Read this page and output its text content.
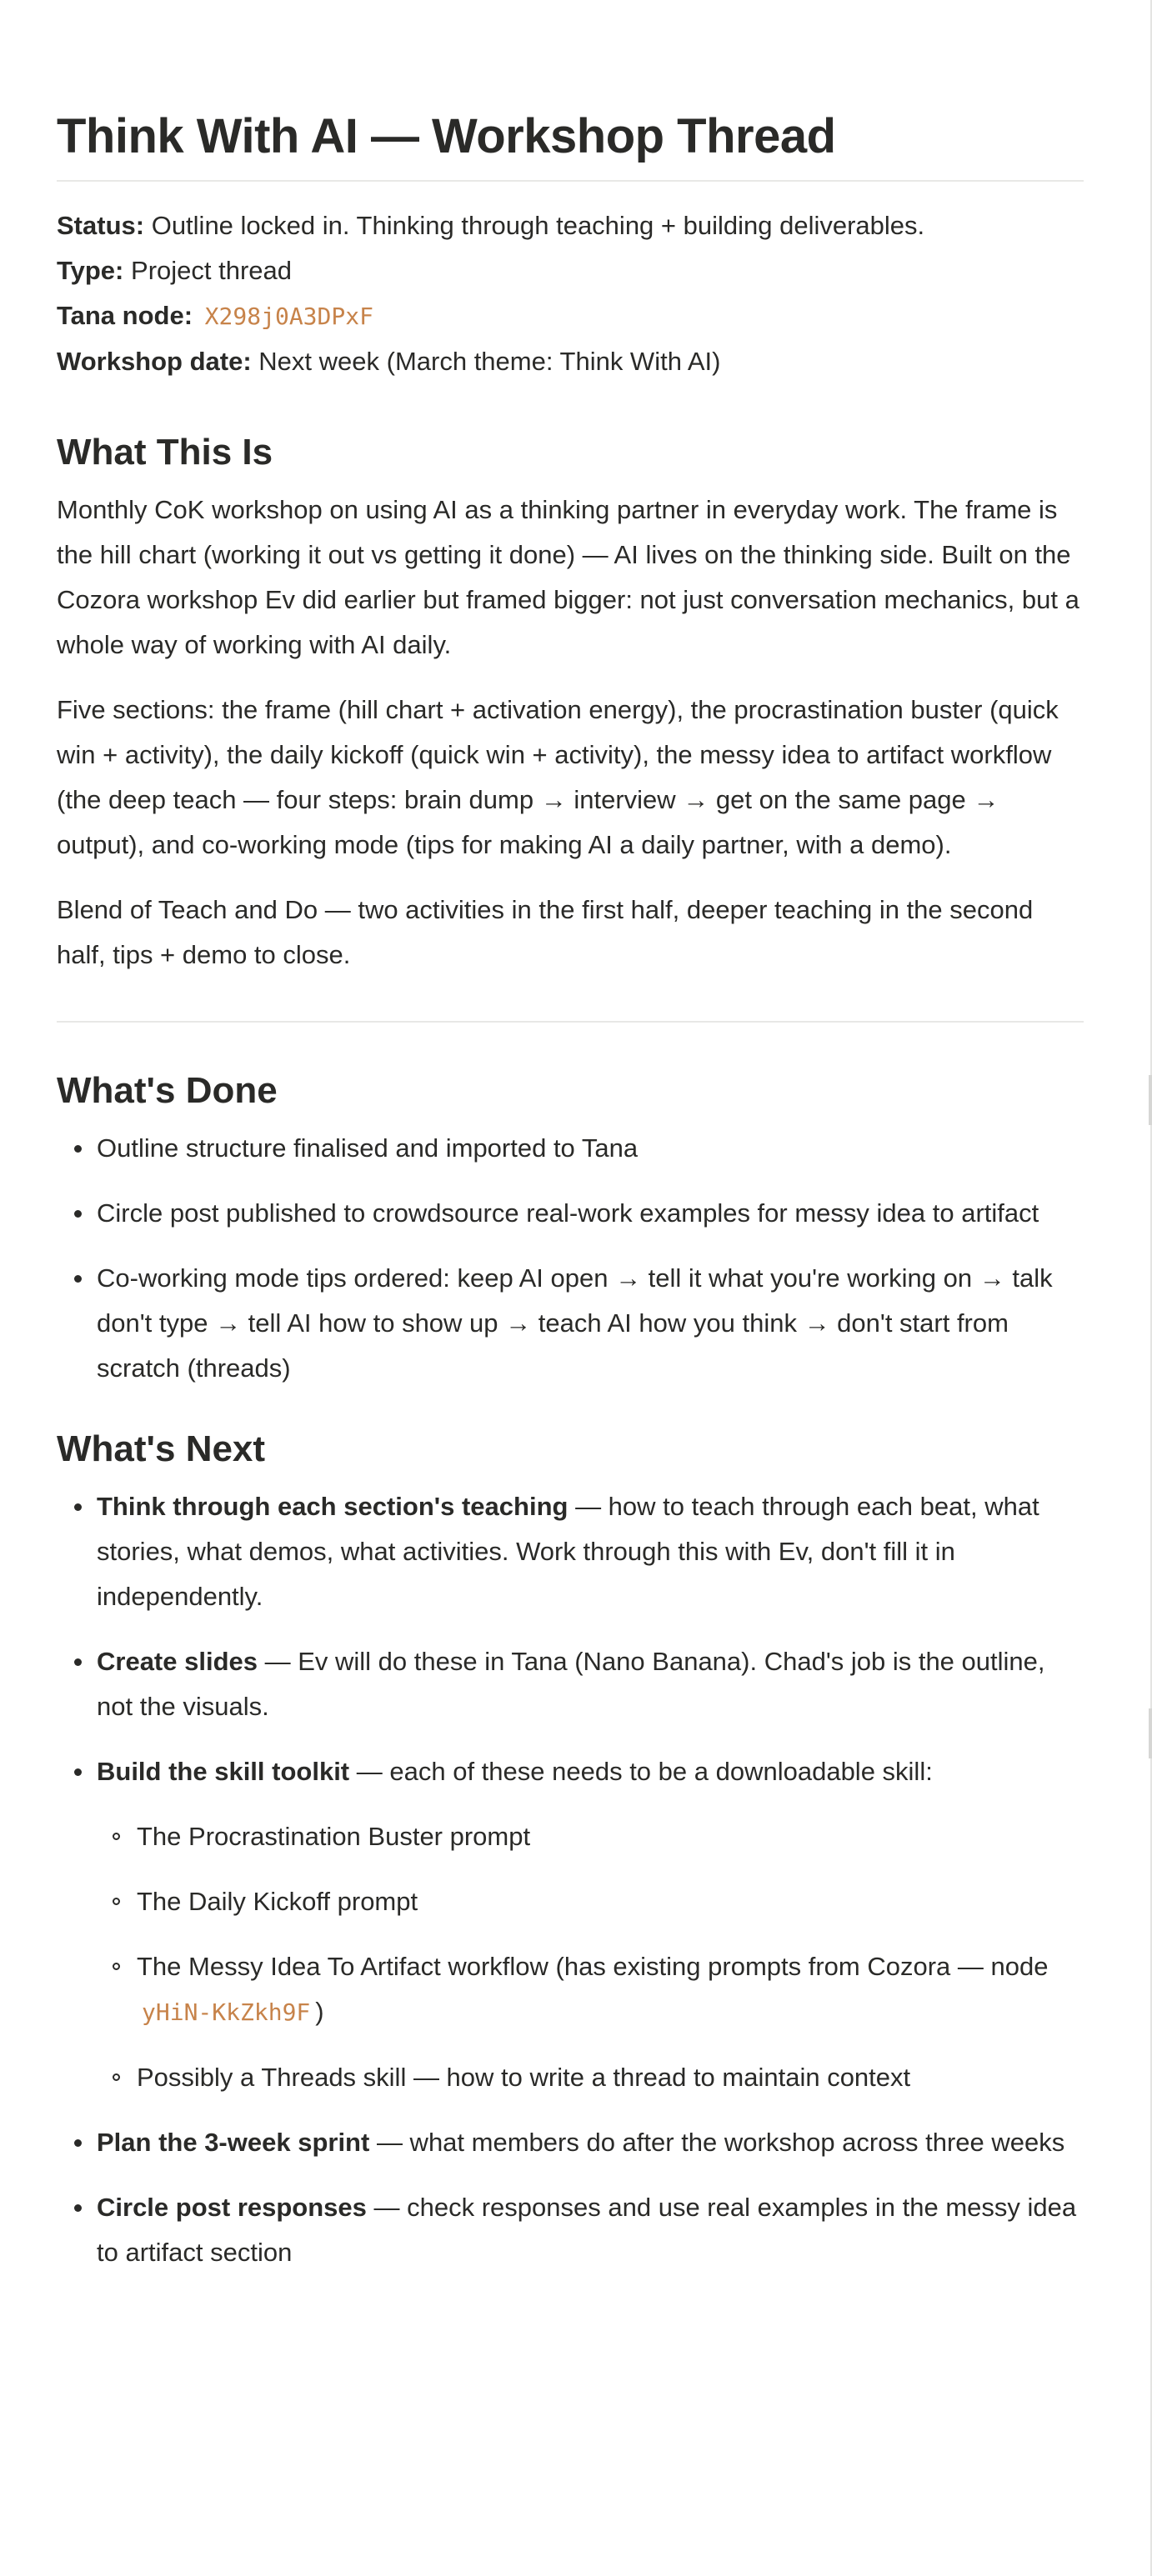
Think With AI — Workshop Thread
Status: Outline locked in. Thinking through teaching + building deliverables.
Type: Project thread
Tana node: X298j0A3DPxF
Workshop date: Next week (March theme: Think With AI)
What This Is

Monthly CoK workshop on using AI as a thinking partner in everyday work. The frame is the hill chart (working it out vs getting it done) — AI lives on the thinking side. Built on the Cozora workshop Ev did earlier but framed bigger: not just conversation mechanics, but a whole way of working with AI daily.

Five sections: the frame (hill chart + activation energy), the procrastination buster (quick win + activity), the daily kickoff (quick win + activity), the messy idea to artifact workflow (the deep teach — four steps: brain dump → interview → get on the same page → output), and co-working mode (tips for making AI a daily partner, with a demo).

Blend of Teach and Do — two activities in the first half, deeper teaching in the second half, tips + demo to close.

What's Done
Outline structure finalised and imported to Tana
Circle post published to crowdsource real-work examples for messy idea to artifact
Co-working mode tips ordered: keep AI open → tell it what you're working on → talk don't type → tell AI how to show up → teach AI how you think → don't start from scratch (threads)
What's Next
Think through each section's teaching — how to teach through each beat, what stories, what demos, what activities. Work through this with Ev, don't fill it in independently.
Create slides — Ev will do these in Tana (Nano Banana). Chad's job is the outline, not the visuals.
Build the skill toolkit — each of these needs to be a downloadable skill:
The Procrastination Buster prompt
The Daily Kickoff prompt
The Messy Idea To Artifact workflow (has existing prompts from Cozora — node yHiN-KkZkh9F )
Possibly a Threads skill — how to write a thread to maintain context
Plan the 3-week sprint — what members do after the workshop across three weeks
Circle post responses — check responses and use real examples in the messy idea to artifact section
